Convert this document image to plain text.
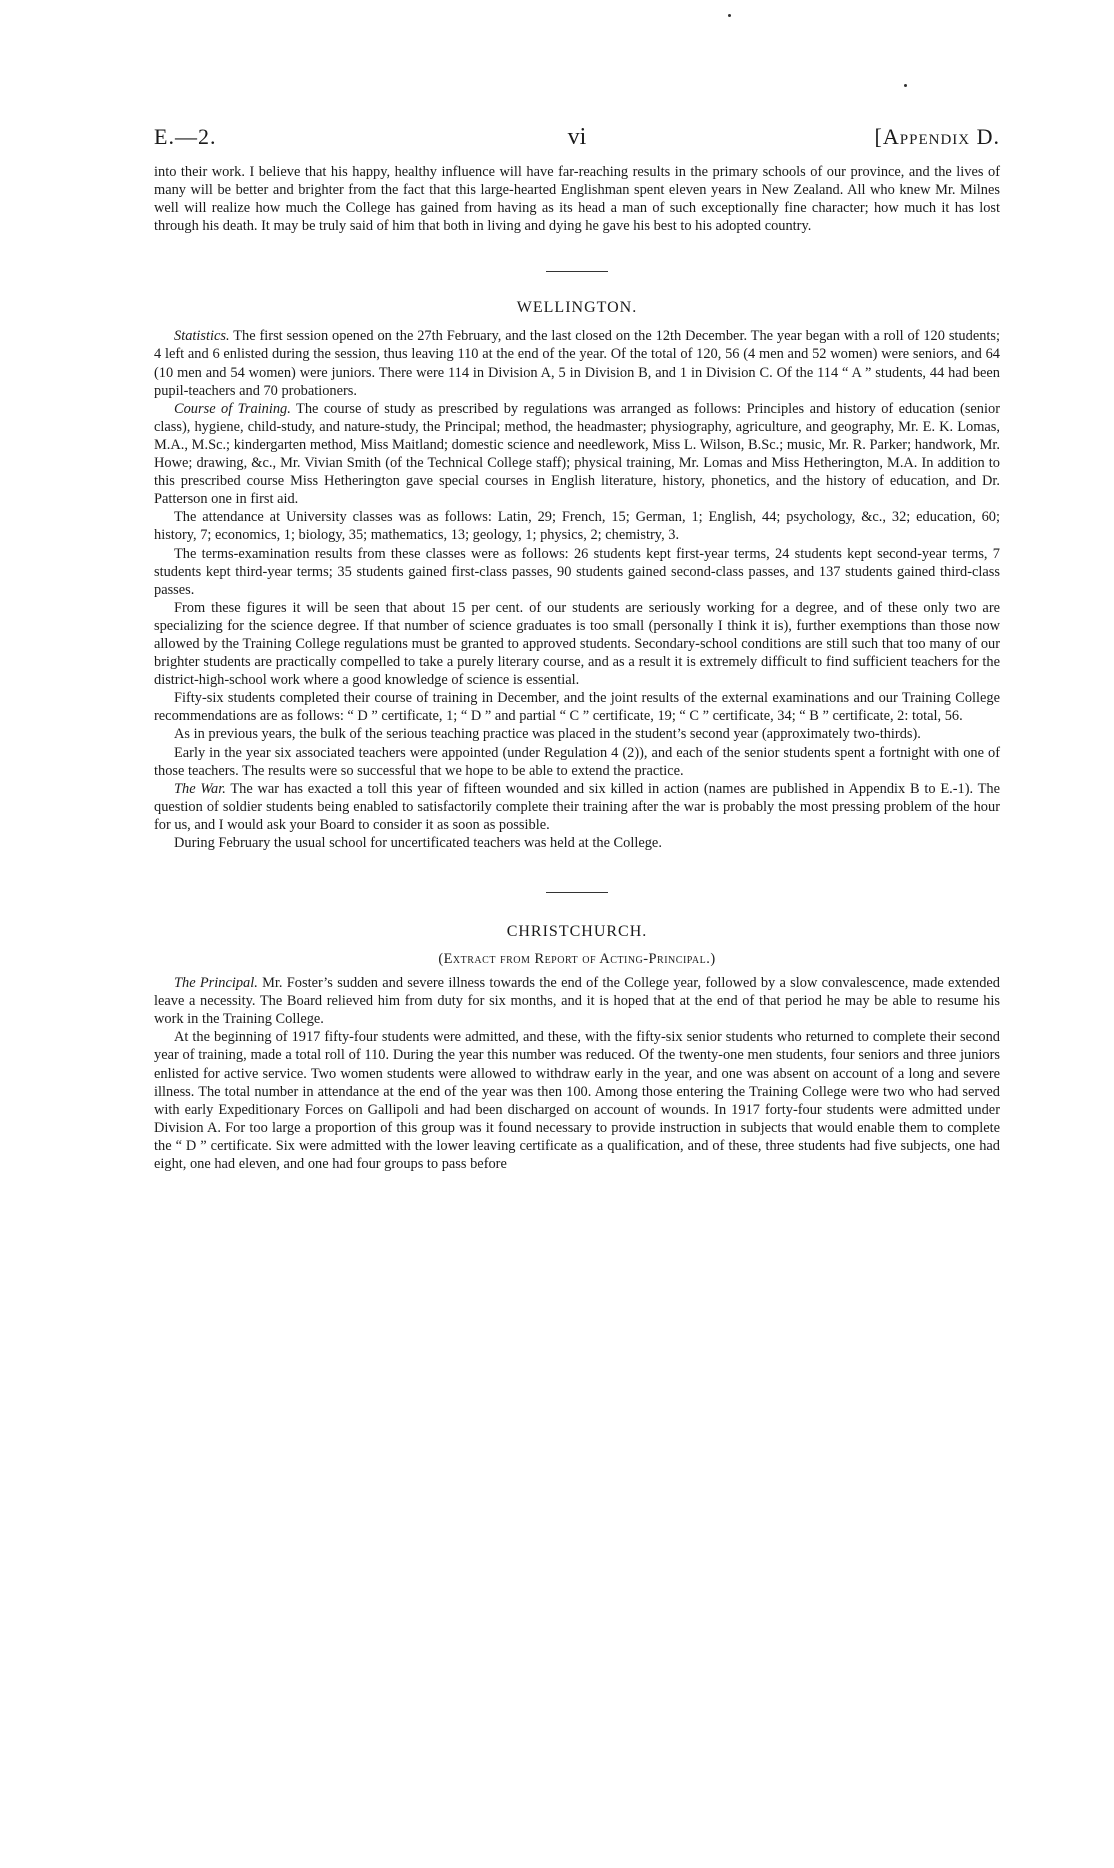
E.—2.	vi	[Appendix D.

into their work. I believe that his happy, healthy influence will have far-reaching results in the primary schools of our province, and the lives of many will be better and brighter from the fact that this large-hearted Englishman spent eleven years in New Zealand. All who knew Mr. Milnes well will realize how much the College has gained from having as its head a man of such exceptionally fine character; how much it has lost through his death. It may be truly said of him that both in living and dying he gave his best to his adopted country.

WELLINGTON.

Statistics. The first session opened on the 27th February, and the last closed on the 12th December. The year began with a roll of 120 students; 4 left and 6 enlisted during the session, thus leaving 110 at the end of the year. Of the total of 120, 56 (4 men and 52 women) were seniors, and 64 (10 men and 54 women) were juniors. There were 114 in Division A, 5 in Division B, and 1 in Division C. Of the 114 “ A ” students, 44 had been pupil-teachers and 70 probationers.

Course of Training. The course of study as prescribed by regulations was arranged as follows: Principles and history of education (senior class), hygiene, child-study, and nature-study, the Principal; method, the headmaster; physiography, agriculture, and geography, Mr. E. K. Lomas, M.A., M.Sc.; kindergarten method, Miss Maitland; domestic science and needlework, Miss L. Wilson, B.Sc.; music, Mr. R. Parker; handwork, Mr. Howe; drawing, &c., Mr. Vivian Smith (of the Technical College staff); physical training, Mr. Lomas and Miss Hetherington, M.A. In addition to this prescribed course Miss Hetherington gave special courses in English literature, history, phonetics, and the history of education, and Dr. Patterson one in first aid.

The attendance at University classes was as follows: Latin, 29; French, 15; German, 1; English, 44; psychology, &c., 32; education, 60; history, 7; economics, 1; biology, 35; mathematics, 13; geology, 1; physics, 2; chemistry, 3.

The terms-examination results from these classes were as follows: 26 students kept first-year terms, 24 students kept second-year terms, 7 students kept third-year terms; 35 students gained first-class passes, 90 students gained second-class passes, and 137 students gained third-class passes.

From these figures it will be seen that about 15 per cent. of our students are seriously working for a degree, and of these only two are specializing for the science degree. If that number of science graduates is too small (personally I think it is), further exemptions than those now allowed by the Training College regulations must be granted to approved students. Secondary-school conditions are still such that too many of our brighter students are practically compelled to take a purely literary course, and as a result it is extremely difficult to find sufficient teachers for the district-high-school work where a good knowledge of science is essential.

Fifty-six students completed their course of training in December, and the joint results of the external examinations and our Training College recommendations are as follows: “ D ” certificate, 1; “ D ” and partial “ C ” certificate, 19; “ C ” certificate, 34; “ B ” certificate, 2: total, 56.

As in previous years, the bulk of the serious teaching practice was placed in the student’s second year (approximately two-thirds).

Early in the year six associated teachers were appointed (under Regulation 4 (2)), and each of the senior students spent a fortnight with one of those teachers. The results were so successful that we hope to be able to extend the practice.

The War. The war has exacted a toll this year of fifteen wounded and six killed in action (names are published in Appendix B to E.-1). The question of soldier students being enabled to satisfactorily complete their training after the war is probably the most pressing problem of the hour for us, and I would ask your Board to consider it as soon as possible.

During February the usual school for uncertificated teachers was held at the College.

CHRISTCHURCH.
(Extract from Report of Acting-Principal.)

The Principal. Mr. Foster’s sudden and severe illness towards the end of the College year, followed by a slow convalescence, made extended leave a necessity. The Board relieved him from duty for six months, and it is hoped that at the end of that period he may be able to resume his work in the Training College.

At the beginning of 1917 fifty-four students were admitted, and these, with the fifty-six senior students who returned to complete their second year of training, made a total roll of 110. During the year this number was reduced. Of the twenty-one men students, four seniors and three juniors enlisted for active service. Two women students were allowed to withdraw early in the year, and one was absent on account of a long and severe illness. The total number in attendance at the end of the year was then 100. Among those entering the Training College were two who had served with early Expeditionary Forces on Gallipoli and had been discharged on account of wounds. In 1917 forty-four students were admitted under Division A. For too large a proportion of this group was it found necessary to provide instruction in subjects that would enable them to complete the “ D ” certificate. Six were admitted with the lower leaving certificate as a qualification, and of these, three students had five subjects, one had eight, one had eleven, and one had four groups to pass before
